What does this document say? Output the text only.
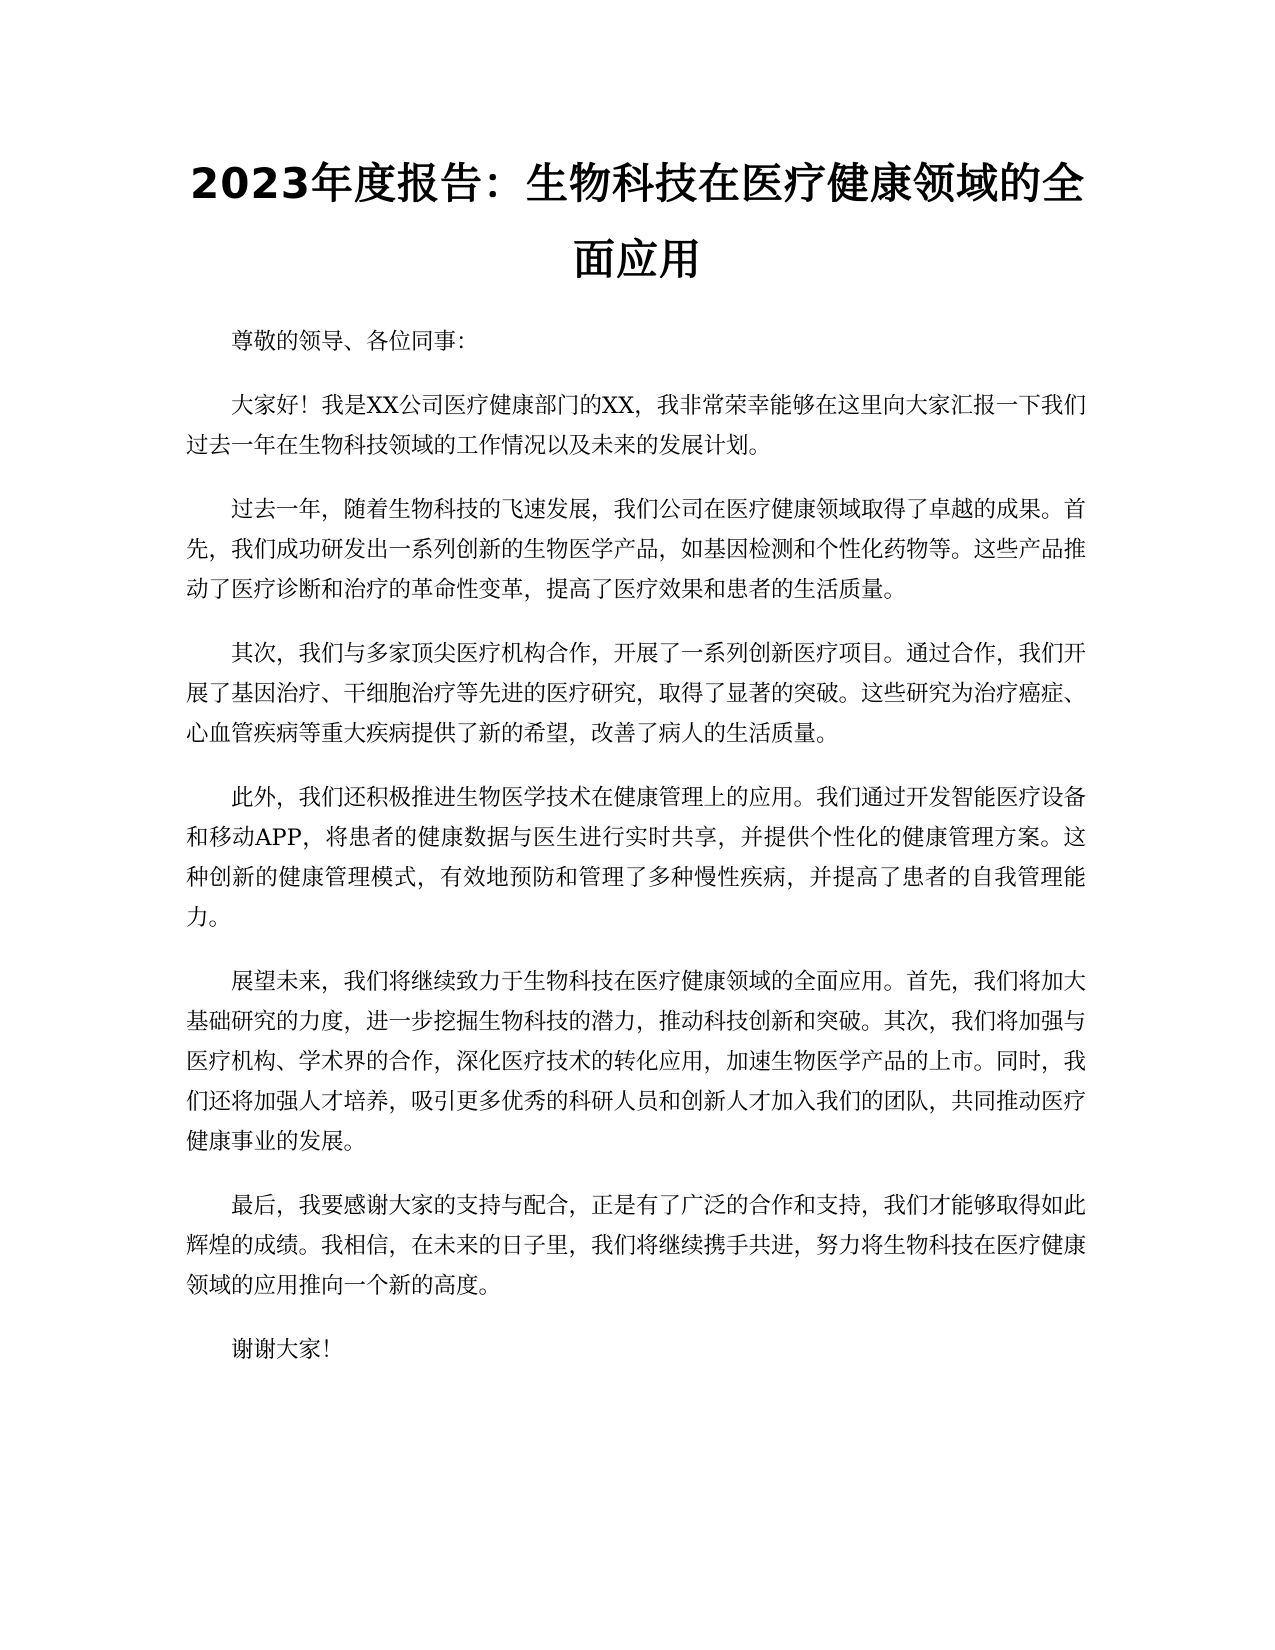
2023年度报告：生物科技在医疗健康领域的全面应用

尊敬的领导、各位同事：

大家好！我是XX公司医疗健康部门的XX，我非常荣幸能够在这里向大家汇报一下我们过去一年在生物科技领域的工作情况以及未来的发展计划。

过去一年，随着生物科技的飞速发展，我们公司在医疗健康领域取得了卓越的成果。首先，我们成功研发出一系列创新的生物医学产品，如基因检测和个性化药物等。这些产品推动了医疗诊断和治疗的革命性变革，提高了医疗效果和患者的生活质量。

其次，我们与多家顶尖医疗机构合作，开展了一系列创新医疗项目。通过合作，我们开展了基因治疗、干细胞治疗等先进的医疗研究，取得了显著的突破。这些研究为治疗癌症、心血管疾病等重大疾病提供了新的希望，改善了病人的生活质量。

此外，我们还积极推进生物医学技术在健康管理上的应用。我们通过开发智能医疗设备和移动APP，将患者的健康数据与医生进行实时共享，并提供个性化的健康管理方案。这种创新的健康管理模式，有效地预防和管理了多种慢性疾病，并提高了患者的自我管理能力。

展望未来，我们将继续致力于生物科技在医疗健康领域的全面应用。首先，我们将加大基础研究的力度，进一步挖掘生物科技的潜力，推动科技创新和突破。其次，我们将加强与医疗机构、学术界的合作，深化医疗技术的转化应用，加速生物医学产品的上市。同时，我们还将加强人才培养，吸引更多优秀的科研人员和创新人才加入我们的团队，共同推动医疗健康事业的发展。

最后，我要感谢大家的支持与配合，正是有了广泛的合作和支持，我们才能够取得如此辉煌的成绩。我相信，在未来的日子里，我们将继续携手共进，努力将生物科技在医疗健康领域的应用推向一个新的高度。

谢谢大家！
